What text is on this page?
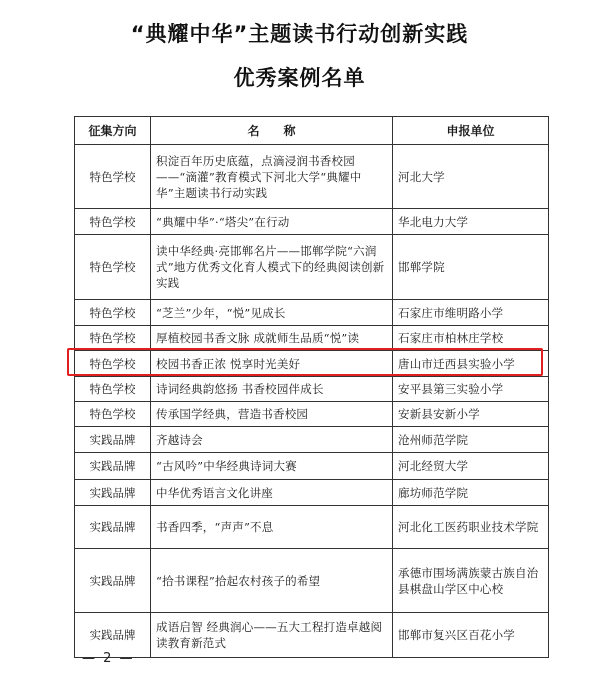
“典耀中华”主题读书行动创新实践
优秀案例名单
征集方向	名　　称	申报单位
特色学校	积淀百年历史底蕴，点滴浸润书香校园——“滴灌”教育模式下河北大学“典耀中华”主题读书行动实践	河北大学
特色学校	“典耀中华”·“塔尖”在行动	华北电力大学
特色学校	读中华经典·亮邯郸名片——邯郸学院“六润式”地方优秀文化育人模式下的经典阅读创新实践	邯郸学院
特色学校	“芝兰”少年，“悦”见成长	石家庄市维明路小学
特色学校	厚植校园书香文脉 成就师生品质“悦”读	石家庄市柏林庄学校
特色学校	校园书香正浓 悦享时光美好	唐山市迁西县实验小学
特色学校	诗词经典韵悠扬 书香校园伴成长	安平县第三实验小学
特色学校	传承国学经典，营造书香校园	安新县安新小学
实践品牌	齐越诗会	沧州师范学院
实践品牌	“古风吟”中华经典诗词大赛	河北经贸大学
实践品牌	中华优秀语言文化讲座	廊坊师范学院
实践品牌	书香四季，“声声”不息	河北化工医药职业技术学院
实践品牌	“拾书课程”拾起农村孩子的希望	承德市围场满族蒙古族自治县棋盘山学区中心校
实践品牌	成语启智 经典润心——五大工程打造卓越阅读教育新范式	邯郸市复兴区百花小学
— 2 —
